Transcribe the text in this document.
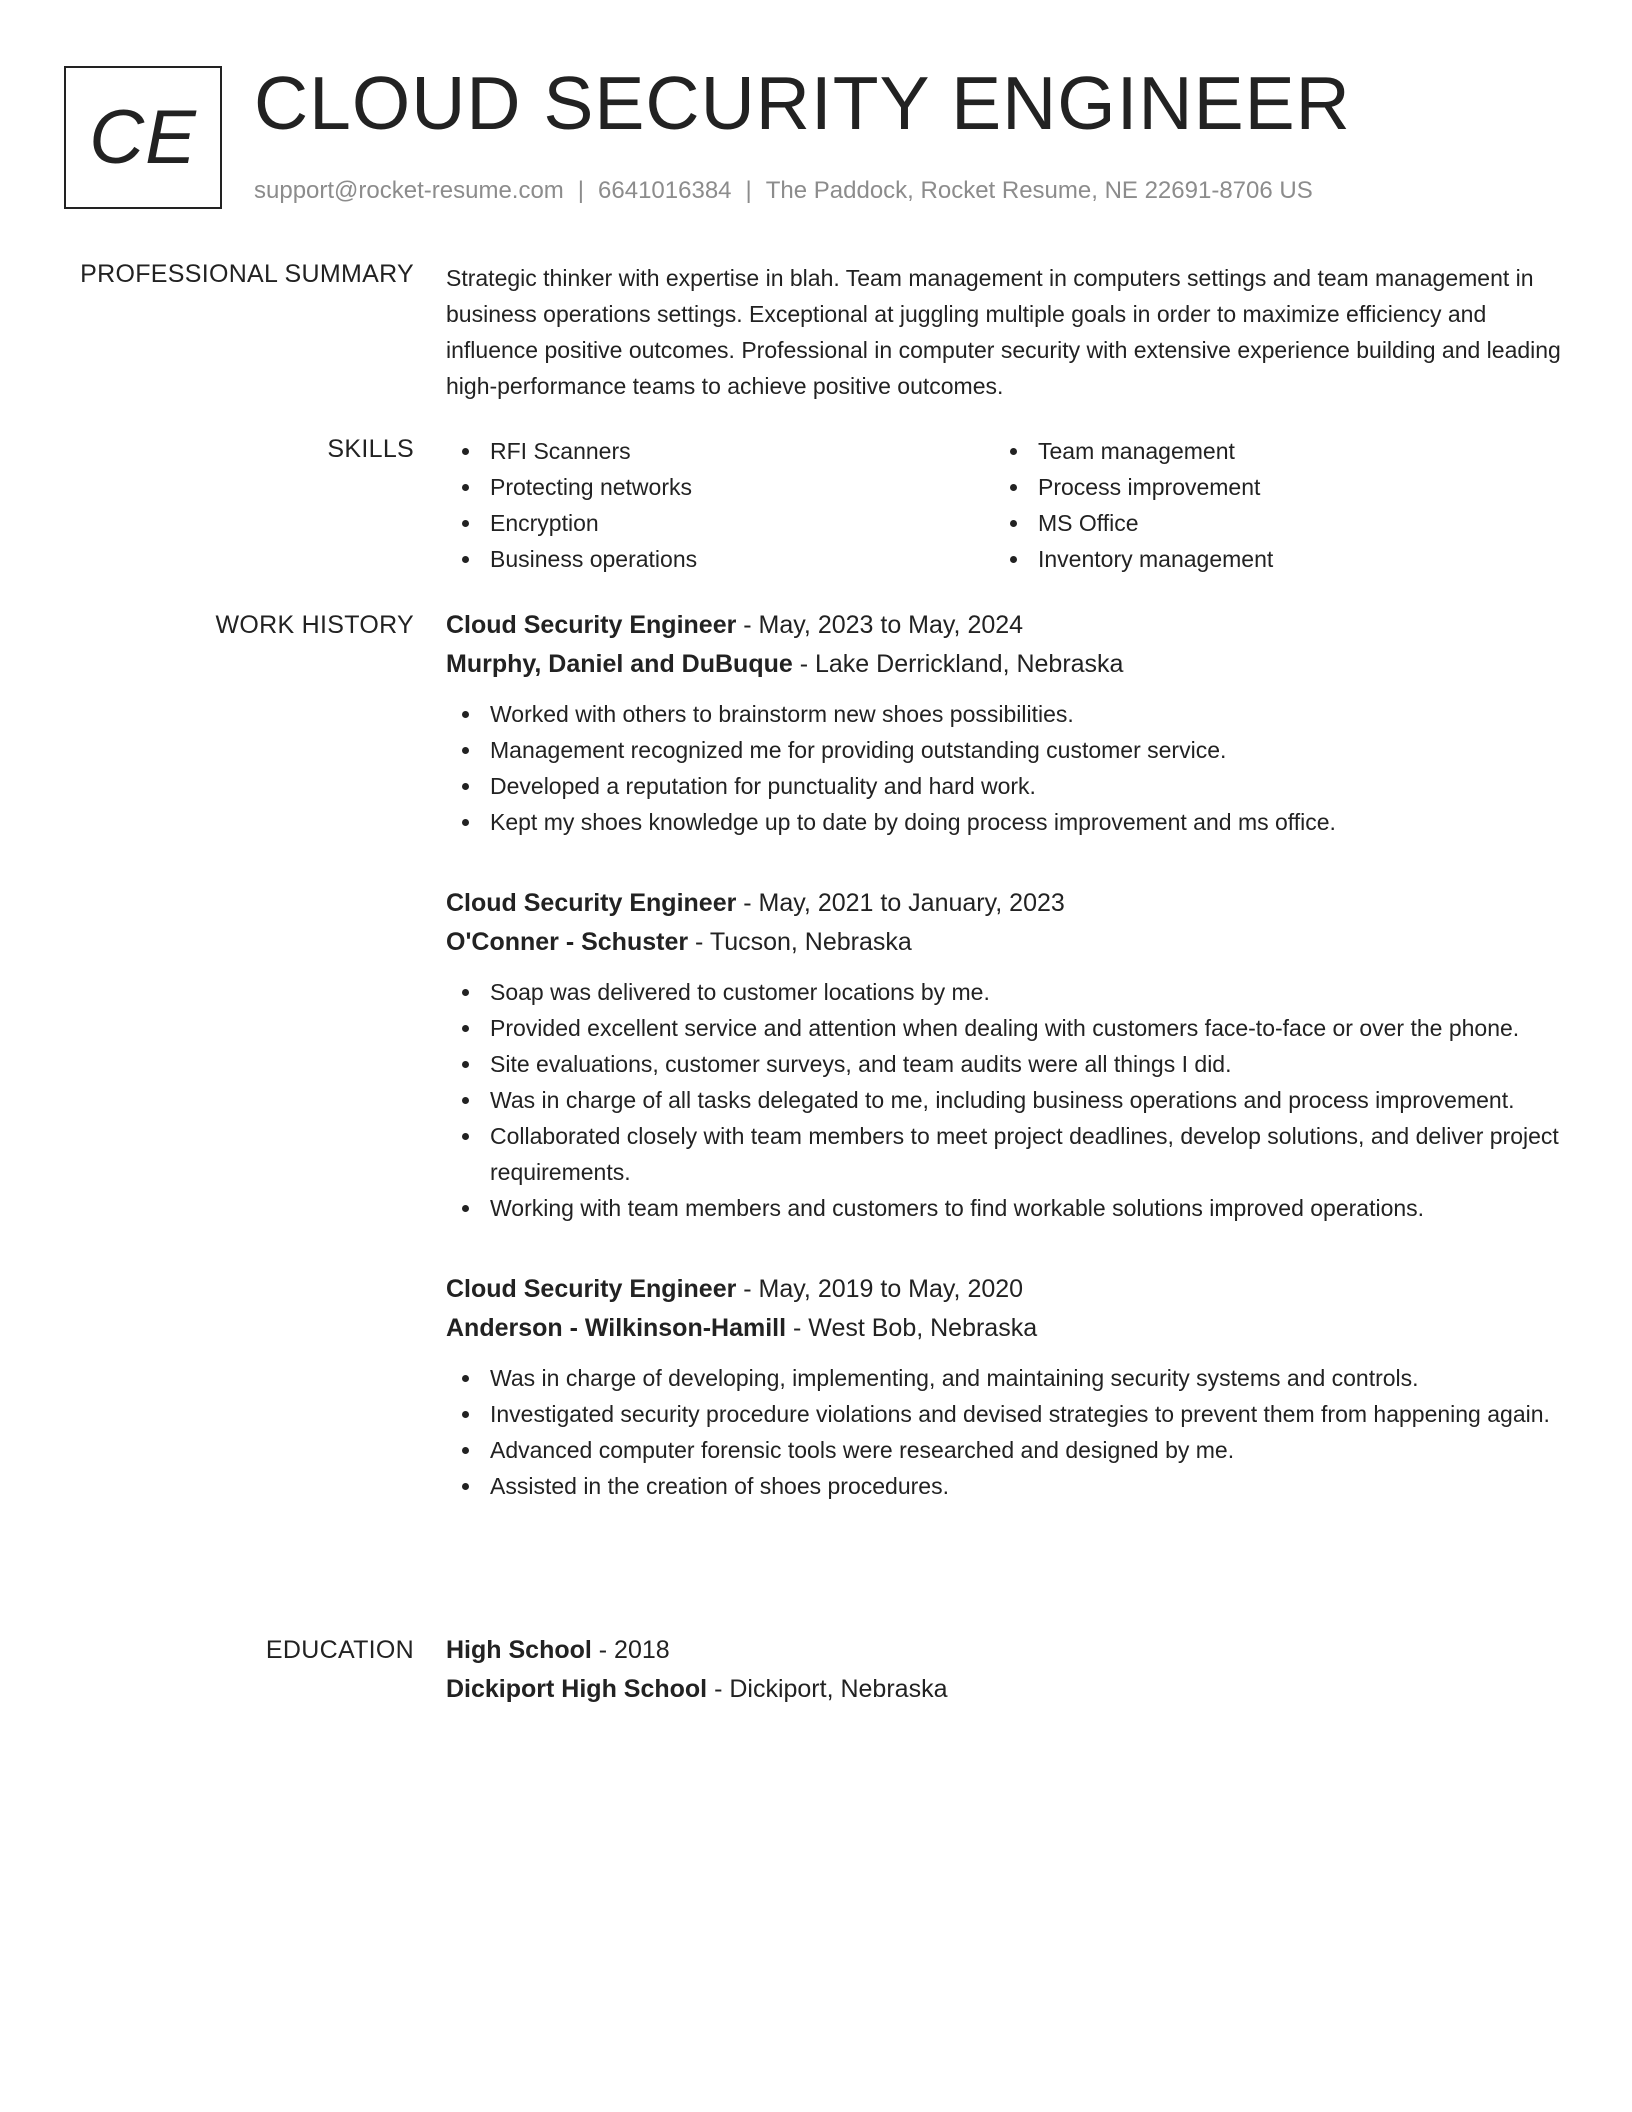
CE CLOUD SECURITY ENGINEER
support@rocket-resume.com | 6641016384 | The Paddock, Rocket Resume, NE 22691-8706 US
PROFESSIONAL SUMMARY Strategic thinker with expertise in blah. Team management in computers settings and team management in business operations settings. Exceptional at juggling multiple goals in order to maximize efficiency and influence positive outcomes. Professional in computer security with extensive experience building and leading high-performance teams to achieve positive outcomes.

SKILLS	RFI Scanners
Protecting networks
Encryption
Business operations
Team management
Process improvement
MS Office
Inventory management
WORK HISTORY Cloud Security Engineer - May, 2023 to May, 2024
Murphy, Daniel and DuBuque - Lake Derrickland, Nebraska
Worked with others to brainstorm new shoes possibilities.
Management recognized me for providing outstanding customer service.
Developed a reputation for punctuality and hard work.
Kept my shoes knowledge up to date by doing process improvement and ms office.
Cloud Security Engineer - May, 2021 to January, 2023
O'Conner - Schuster - Tucson, Nebraska
Soap was delivered to customer locations by me.
Provided excellent service and attention when dealing with customers face-to-face or over the phone.
Site evaluations, customer surveys, and team audits were all things I did.
Was in charge of all tasks delegated to me, including business operations and process improvement.
Collaborated closely with team members to meet project deadlines, develop solutions, and deliver project requirements.
Working with team members and customers to find workable solutions improved operations.
Cloud Security Engineer - May, 2019 to May, 2020
Anderson - Wilkinson-Hamill - West Bob, Nebraska
Was in charge of developing, implementing, and maintaining security systems and controls.
Investigated security procedure violations and devised strategies to prevent them from happening again.
Advanced computer forensic tools were researched and designed by me.
Assisted in the creation of shoes procedures.
EDUCATION High School - 2018
Dickiport High School - Dickiport, Nebraska
